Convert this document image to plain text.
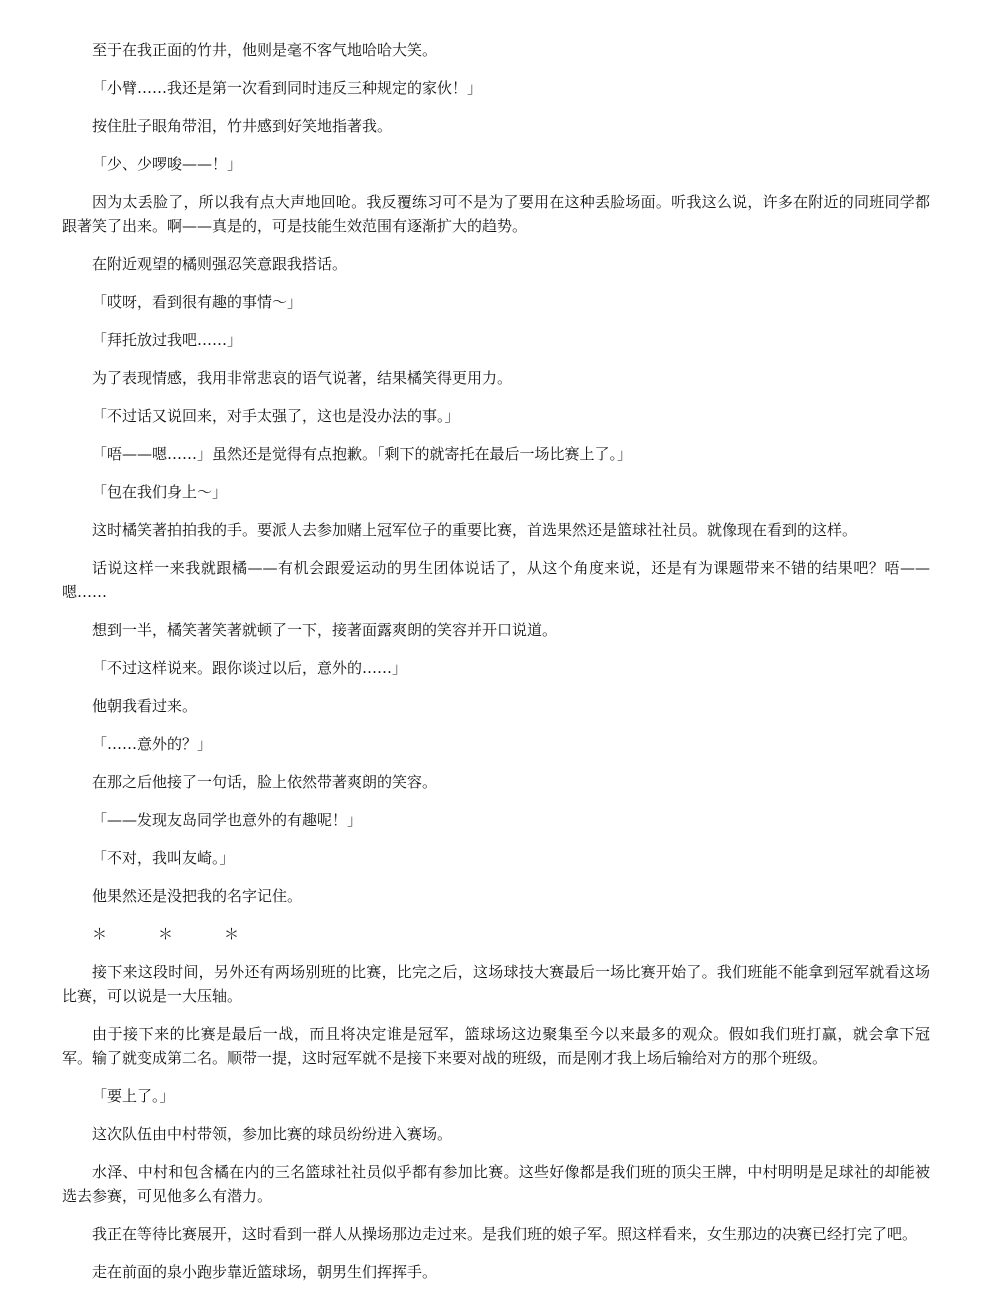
至于在我正面的竹井，他则是毫不客气地哈哈大笑。

「小臂……我还是第一次看到同时违反三种规定的家伙！」

按住肚子眼角带泪，竹井感到好笑地指著我。

「少、少啰唆——！」

因为太丢脸了，所以我有点大声地回呛。我反覆练习可不是为了要用在这种丢脸场面。听我这么说，许多在附近的同班同学都跟著笑了出来。啊——真是的，可是技能生效范围有逐渐扩大的趋势。

在附近观望的橘则强忍笑意跟我搭话。

「哎呀，看到很有趣的事情～」

「拜托放过我吧……」

为了表现情感，我用非常悲哀的语气说著，结果橘笑得更用力。

「不过话又说回来，对手太强了，这也是没办法的事。」

「唔——嗯……」虽然还是觉得有点抱歉。「剩下的就寄托在最后一场比赛上了。」

「包在我们身上～」

这时橘笑著拍拍我的手。要派人去参加赌上冠军位子的重要比赛，首选果然还是篮球社社员。就像现在看到的这样。

话说这样一来我就跟橘——有机会跟爱运动的男生团体说话了，从这个角度来说，还是有为课题带来不错的结果吧？唔——嗯……

想到一半，橘笑著笑著就顿了一下，接著面露爽朗的笑容并开口说道。

「不过这样说来。跟你谈过以后，意外的……」

他朝我看过来。

「……意外的？」

在那之后他接了一句话，脸上依然带著爽朗的笑容。

「——发现友岛同学也意外的有趣呢！」

「不对，我叫友崎。」

他果然还是没把我的名字记住。

＊　＊　＊

接下来这段时间，另外还有两场别班的比赛，比完之后，这场球技大赛最后一场比赛开始了。我们班能不能拿到冠军就看这场比赛，可以说是一大压轴。

由于接下来的比赛是最后一战，而且将决定谁是冠军，篮球场这边聚集至今以来最多的观众。假如我们班打赢，就会拿下冠军。输了就变成第二名。顺带一提，这时冠军就不是接下来要对战的班级，而是刚才我上场后输给对方的那个班级。

「要上了。」

这次队伍由中村带领，参加比赛的球员纷纷进入赛场。

水泽、中村和包含橘在内的三名篮球社社员似乎都有参加比赛。这些好像都是我们班的顶尖王牌，中村明明是足球社的却能被选去参赛，可见他多么有潜力。

我正在等待比赛展开，这时看到一群人从操场那边走过来。是我们班的娘子军。照这样看来，女生那边的决赛已经打完了吧。

走在前面的泉小跑步靠近篮球场，朝男生们挥挥手。
